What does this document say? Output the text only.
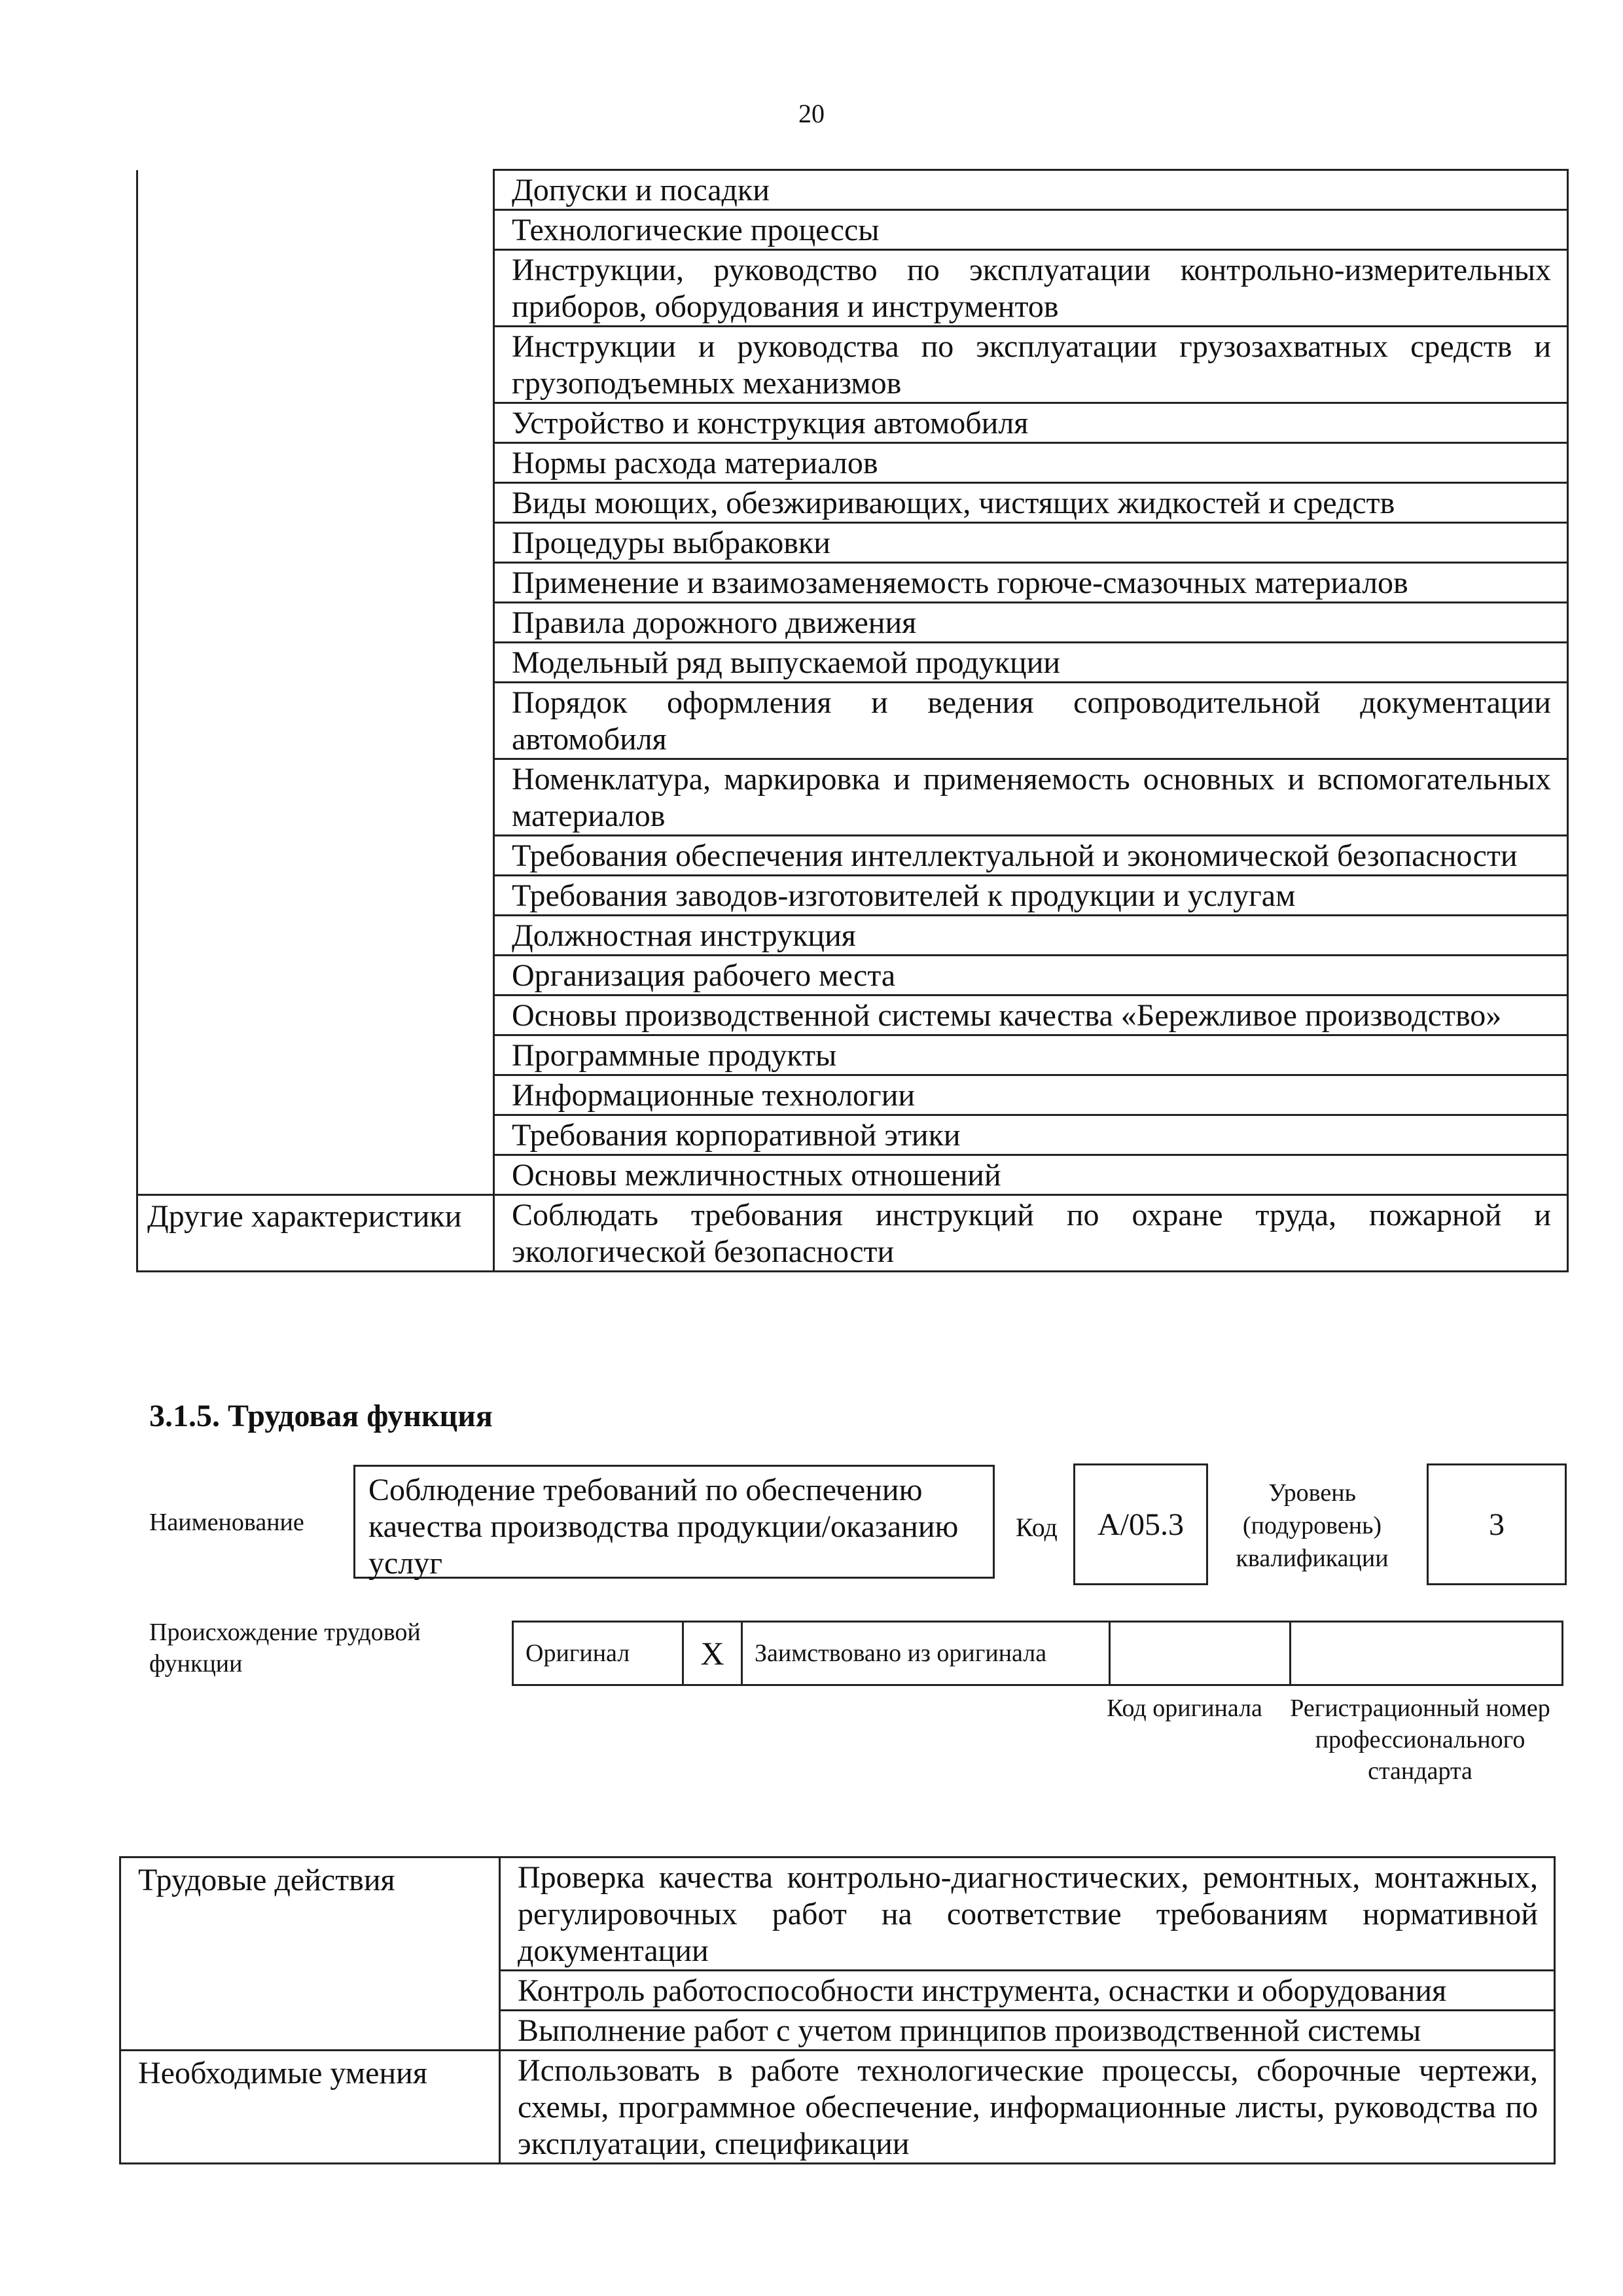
20
	Допуски и посадки
	Технологические процессы
	Инструкции, руководство по эксплуатации контрольно-измерительных приборов, оборудования и инструментов
	Инструкции и руководства по эксплуатации грузозахватных средств и грузоподъемных механизмов
	Устройство и конструкция автомобиля
	Нормы расхода материалов
	Виды моющих, обезжиривающих, чистящих жидкостей и средств
	Процедуры выбраковки
	Применение и взаимозаменяемость горюче-смазочных материалов
	Правила дорожного движения
	Модельный ряд выпускаемой продукции
	Порядок оформления и ведения сопроводительной документации автомобиля
	Номенклатура, маркировка и применяемость основных и вспомогательных материалов
	Требования обеспечения интеллектуальной и экономической безопасности
	Требования заводов-изготовителей к продукции и услугам
	Должностная инструкция
	Организация рабочего места
	Основы производственной системы качества «Бережливое производство»
	Программные продукты
	Информационные технологии
	Требования корпоративной этики
	Основы межличностных отношений
Другие характеристики	Соблюдать требования инструкций по охране труда, пожарной и экологической безопасности
3.1.5. Трудовая функция
Наименование
Соблюдение требований по обеспечению качества производства продукции/оказанию услуг
Код	A/05.3
Уровень (подуровень) квалификации
3
Происхождение трудовой функции	Оригинал	X	Заимствовано из оригинала		
Код оригинала Регистрационный номер профессионального стандарта
Трудовые действия	Проверка качества контрольно-диагностических, ремонтных, монтажных, регулировочных работ на соответствие требованиям нормативной документации
	Контроль работоспособности инструмента, оснастки и оборудования
	Выполнение работ с учетом принципов производственной системы
Необходимые умения	Использовать в работе технологические процессы, сборочные чертежи, схемы, программное обеспечение, информационные листы, руководства по эксплуатации, спецификации
